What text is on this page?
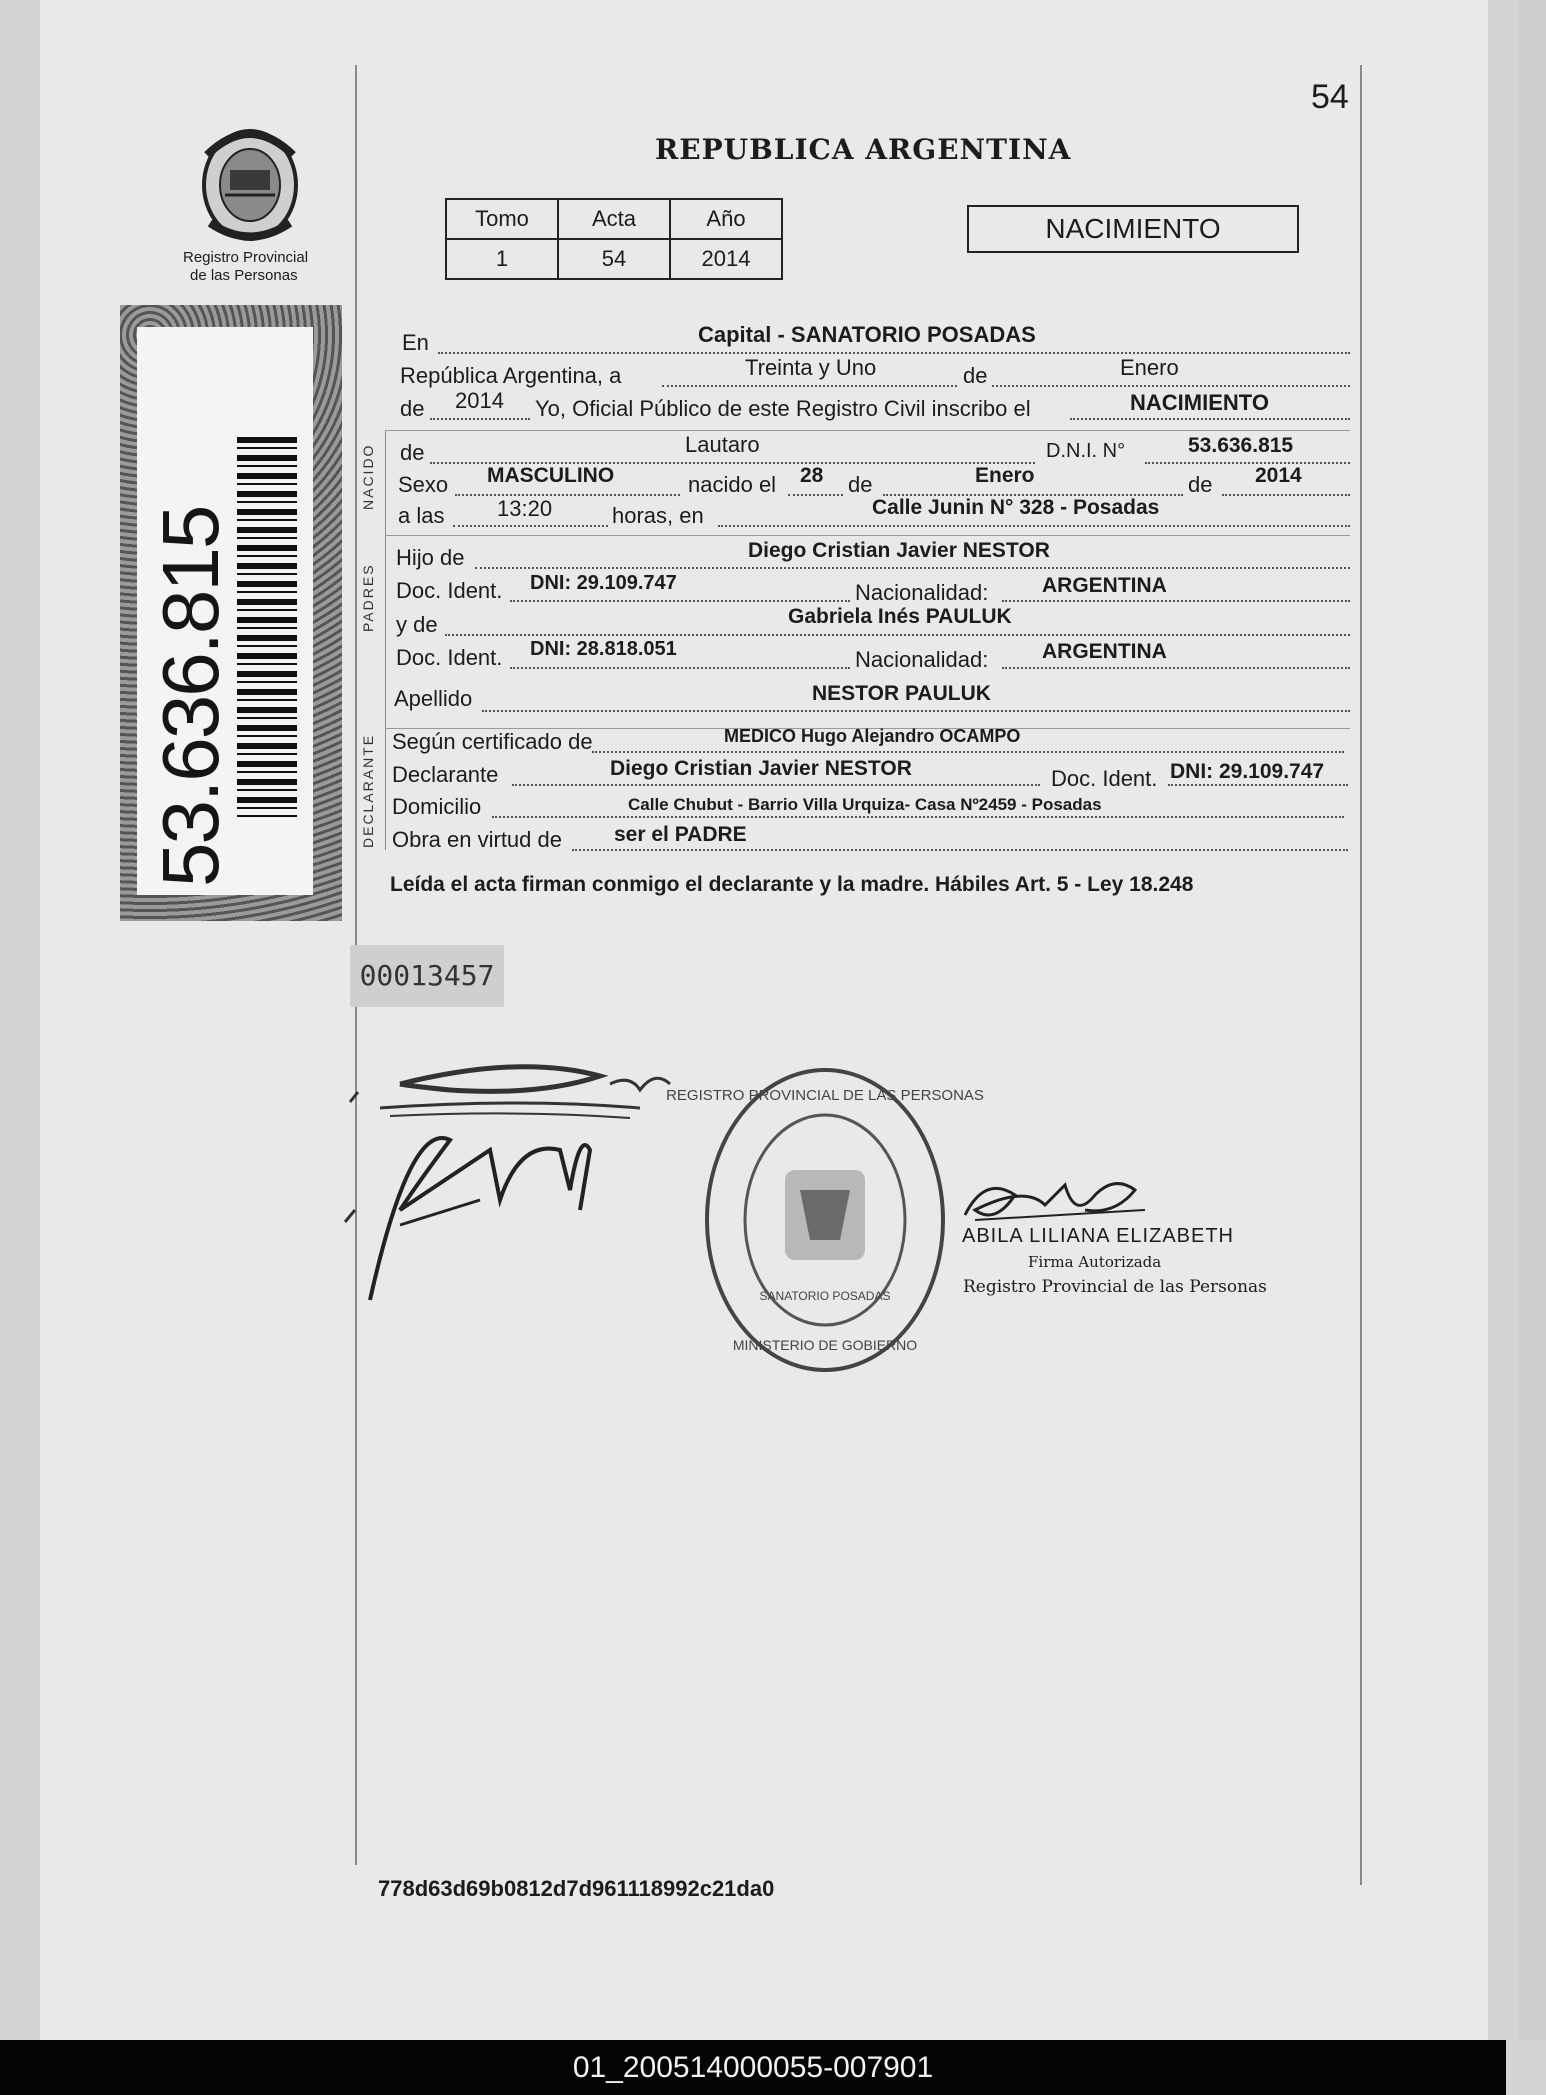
54
REPUBLICA ARGENTINA
Registro Provincial
de las Personas
Tomo	Acta	Año
1	54	2014
NACIMIENTO
53.636.815
NACIDO
PADRES
DECLARANTE
En	Capital - SANATORIO POSADAS
República Argentina, a	Treinta y Uno	de	Enero
de 2014 Yo, Oficial Público de este Registro Civil inscribo el	NACIMIENTO
de	Lautaro	D.N.I. N°	53.636.815
Sexo MASCULINO	nacido el 28 de	Enero	de 2014
a las 13:20	horas, en	Calle Junin N° 328 - Posadas
Hijo de	Diego Cristian Javier NESTOR
Doc. Ident. DNI: 29.109.747	Nacionalidad:	ARGENTINA
y de	Gabriela Inés PAULUK
Doc. Ident. DNI: 28.818.051	Nacionalidad:	ARGENTINA
Apellido	NESTOR PAULUK
Según certificado de	MEDICO Hugo Alejandro OCAMPO
Declarante	Diego Cristian Javier NESTOR	Doc. Ident. DNI: 29.109.747
Domicilio	Calle Chubut - Barrio Villa Urquiza- Casa Nº2459 - Posadas
Obra en virtud de ser el PADRE
Leída el acta firman conmigo el declarante y la madre. Hábiles Art. 5 - Ley 18.248
00013457
REGISTRO PROVINCIAL DE LAS PERSONAS
SANATORIO POSADAS
MINISTERIO DE GOBIERNO
ABILA LILIANA ELIZABETH
Firma Autorizada
Registro Provincial de las Personas
778d63d69b0812d7d961118992c21da0
01_200514000055-007901
